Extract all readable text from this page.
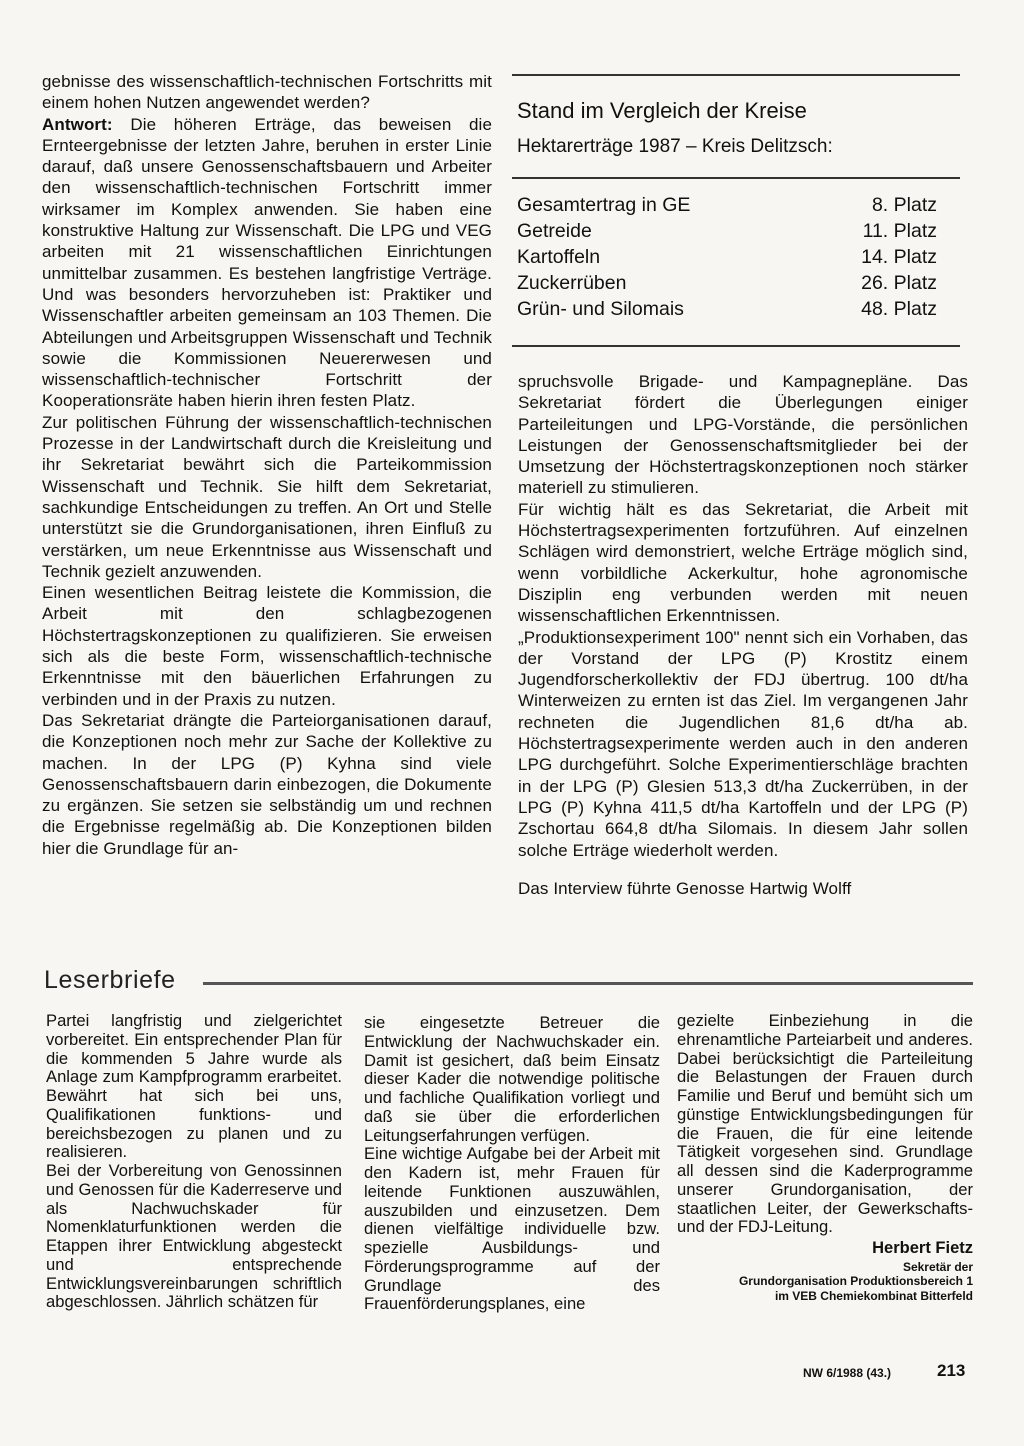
gebnisse des wissenschaftlich-technischen Fortschritts mit einem hohen Nutzen angewendet werden?

Antwort: Die höheren Erträge, das beweisen die Ernteergebnisse der letzten Jahre, beruhen in erster Linie darauf, daß unsere Genossenschaftsbauern und Arbeiter den wissenschaftlich-technischen Fortschritt immer wirksamer im Komplex anwenden. Sie haben eine konstruktive Haltung zur Wissenschaft. Die LPG und VEG arbeiten mit 21 wissenschaftlichen Einrichtungen unmittelbar zusammen. Es bestehen langfristige Verträge. Und was besonders hervorzuheben ist: Praktiker und Wissenschaftler arbeiten gemeinsam an 103 Themen. Die Abteilungen und Arbeitsgruppen Wissenschaft und Technik sowie die Kommissionen Neuererwesen und wissenschaftlich-technischer Fortschritt der Kooperationsräte haben hierin ihren festen Platz.

Zur politischen Führung der wissenschaftlich-technischen Prozesse in der Landwirtschaft durch die Kreisleitung und ihr Sekretariat bewährt sich die Parteikommission Wissenschaft und Technik. Sie hilft dem Sekretariat, sachkundige Entscheidungen zu treffen. An Ort und Stelle unterstützt sie die Grundorganisationen, ihren Einfluß zu verstärken, um neue Erkenntnisse aus Wissenschaft und Technik gezielt anzuwenden.

Einen wesentlichen Beitrag leistete die Kommission, die Arbeit mit den schlagbezogenen Höchstertragskonzeptionen zu qualifizieren. Sie erweisen sich als die beste Form, wissenschaftlich-technische Erkenntnisse mit den bäuerlichen Erfahrungen zu verbinden und in der Praxis zu nutzen.

Das Sekretariat drängte die Parteiorganisationen darauf, die Konzeptionen noch mehr zur Sache der Kollektive zu machen. In der LPG (P) Kyhna sind viele Genossenschaftsbauern darin einbezogen, die Dokumente zu ergänzen. Sie setzen sie selbständig um und rechnen die Ergebnisse regelmäßig ab. Die Konzeptionen bilden hier die Grundlage für an-

Stand im Vergleich der Kreise
Hektarerträge 1987 – Kreis Delitzsch:
Gesamtertrag in GE	8. Platz
Getreide	11. Platz
Kartoffeln	14. Platz
Zuckerrüben	26. Platz
Grün- und Silomais	48. Platz

spruchsvolle Brigade- und Kampagnepläne. Das Sekretariat fördert die Überlegungen einiger Parteileitungen und LPG-Vorstände, die persönlichen Leistungen der Genossenschaftsmitglieder bei der Umsetzung der Höchstertragskonzeptionen noch stärker materiell zu stimulieren.

Für wichtig hält es das Sekretariat, die Arbeit mit Höchstertragsexperimenten fortzuführen. Auf einzelnen Schlägen wird demonstriert, welche Erträge möglich sind, wenn vorbildliche Ackerkultur, hohe agronomische Disziplin eng verbunden werden mit neuen wissenschaftlichen Erkenntnissen.

„Produktionsexperiment 100" nennt sich ein Vorhaben, das der Vorstand der LPG (P) Krostitz einem Jugendforscherkollektiv der FDJ übertrug. 100 dt/ha Winterweizen zu ernten ist das Ziel. Im vergangenen Jahr rechneten die Jugendlichen 81,6 dt/ha ab. Höchstertragsexperimente werden auch in den anderen LPG durchgeführt. Solche Experimentierschläge brachten in der LPG (P) Glesien 513,3 dt/ha Zuckerrüben, in der LPG (P) Kyhna 411,5 dt/ha Kartoffeln und der LPG (P) Zschortau 664,8 dt/ha Silomais. In diesem Jahr sollen solche Erträge wiederholt werden.

Das Interview führte Genosse Hartwig Wolff

Leserbriefe

Partei langfristig und zielgerichtet vorbereitet. Ein entsprechender Plan für die kommenden 5 Jahre wurde als Anlage zum Kampfprogramm erarbeitet. Bewährt hat sich bei uns, Qualifikationen funktions- und bereichsbezogen zu planen und zu realisieren.

Bei der Vorbereitung von Genossinnen und Genossen für die Kaderreserve und als Nachwuchskader für Nomenklaturfunktionen werden die Etappen ihrer Entwicklung abgesteckt und entsprechende Entwicklungsvereinbarungen schriftlich abgeschlossen. Jährlich schätzen für

sie eingesetzte Betreuer die Entwicklung der Nachwuchskader ein. Damit ist gesichert, daß beim Einsatz dieser Kader die notwendige politische und fachliche Qualifikation vorliegt und daß sie über die erforderlichen Leitungserfahrungen verfügen.

Eine wichtige Aufgabe bei der Arbeit mit den Kadern ist, mehr Frauen für leitende Funktionen auszuwählen, auszubilden und einzusetzen. Dem dienen vielfältige individuelle bzw. spezielle Ausbildungs- und Förderungsprogramme auf der Grundlage des Frauenförderungsplanes, eine

gezielte Einbeziehung in die ehrenamtliche Parteiarbeit und anderes. Dabei berücksichtigt die Parteileitung die Belastungen der Frauen durch Familie und Beruf und bemüht sich um günstige Entwicklungsbedingungen für die Frauen, die für eine leitende Tätigkeit vorgesehen sind. Grundlage all dessen sind die Kaderprogramme unserer Grundorganisation, der staatlichen Leiter, der Gewerkschafts- und der FDJ-Leitung.

Herbert Fietz
Sekretär der
Grundorganisation Produktionsbereich 1
im VEB Chemiekombinat Bitterfeld
NW 6/1988 (43.)	213
